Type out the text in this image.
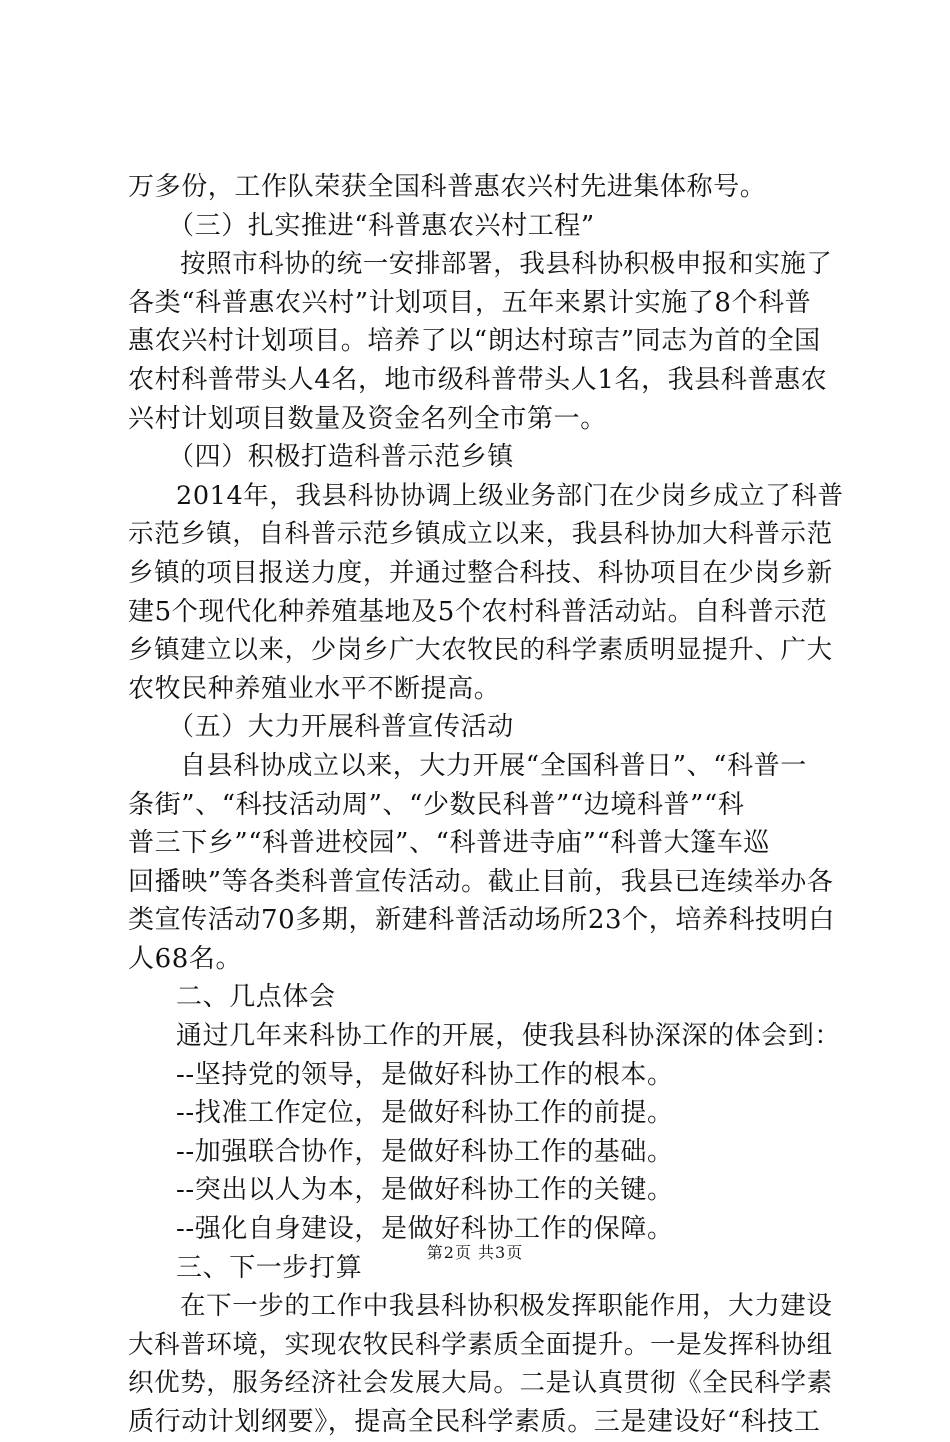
万多份，工作队荣获全国科普惠农兴村先进集体称号。
（三）扎实推进“科普惠农兴村工程”
按照市科协的统一安排部署，我县科协积极申报和实施了
各类“科普惠农兴村”计划项目，五年来累计实施了8个科普
惠农兴村计划项目。培养了以“朗达村琼吉”同志为首的全国
农村科普带头人4名，地市级科普带头人1名，我县科普惠农
兴村计划项目数量及资金名列全市第一。
（四）积极打造科普示范乡镇
2014年，我县科协协调上级业务部门在少岗乡成立了科普
示范乡镇，自科普示范乡镇成立以来，我县科协加大科普示范
乡镇的项目报送力度，并通过整合科技、科协项目在少岗乡新
建5个现代化种养殖基地及5个农村科普活动站。自科普示范
乡镇建立以来，少岗乡广大农牧民的科学素质明显提升、广大
农牧民种养殖业水平不断提高。
（五）大力开展科普宣传活动
自县科协成立以来，大力开展“全国科普日”、“科普一
条街”、“科技活动周”、“少数民科普”“边境科普”“科
普三下乡”“科普进校园”、“科普进寺庙”“科普大篷车巡
回播映”等各类科普宣传活动。截止目前，我县已连续举办各
类宣传活动70多期，新建科普活动场所23个，培养科技明白
人68名。
二、几点体会
通过几年来科协工作的开展，使我县科协深深的体会到：
--坚持党的领导，是做好科协工作的根本。
--找准工作定位，是做好科协工作的前提。
--加强联合协作，是做好科协工作的基础。
--突出以人为本，是做好科协工作的关键。
--强化自身建设，是做好科协工作的保障。
三、下一步打算
在下一步的工作中我县科协积极发挥职能作用，大力建设
大科普环境，实现农牧民科学素质全面提升。一是发挥科协组
织优势，服务经济社会发展大局。二是认真贯彻《全民科学素
质行动计划纲要》，提高全民科学素质。三是建设好“科技工
第2页 共3页
